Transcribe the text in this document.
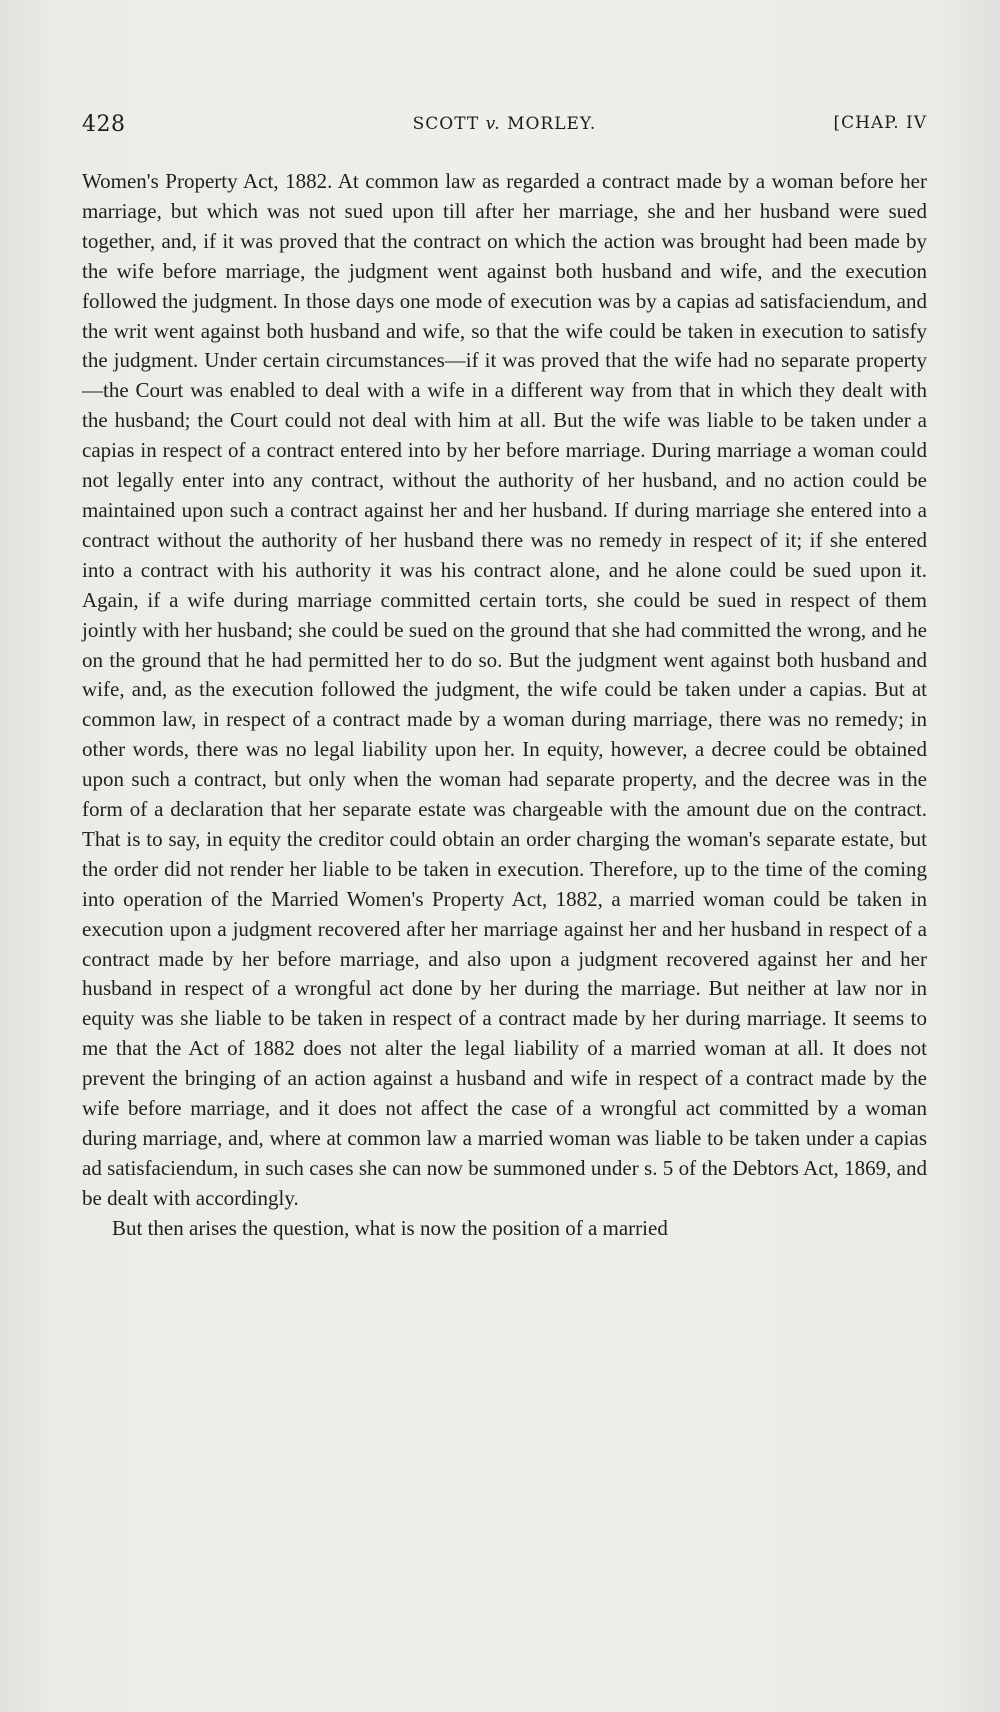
428	SCOTT v. MORLEY.	[CHAP. IV

Women's Property Act, 1882. At common law as regarded a contract made by a woman before her marriage, but which was not sued upon till after her marriage, she and her husband were sued together, and, if it was proved that the contract on which the action was brought had been made by the wife before marriage, the judgment went against both husband and wife, and the execution followed the judgment. In those days one mode of execution was by a capias ad satisfaciendum, and the writ went against both husband and wife, so that the wife could be taken in execution to satisfy the judgment. Under certain circumstances—if it was proved that the wife had no separate property—the Court was enabled to deal with a wife in a different way from that in which they dealt with the husband; the Court could not deal with him at all. But the wife was liable to be taken under a capias in respect of a contract entered into by her before marriage. During marriage a woman could not legally enter into any contract, without the authority of her husband, and no action could be maintained upon such a contract against her and her husband. If during marriage she entered into a contract without the authority of her husband there was no remedy in respect of it; if she entered into a contract with his authority it was his contract alone, and he alone could be sued upon it. Again, if a wife during marriage committed certain torts, she could be sued in respect of them jointly with her husband; she could be sued on the ground that she had committed the wrong, and he on the ground that he had permitted her to do so. But the judgment went against both husband and wife, and, as the execution followed the judgment, the wife could be taken under a capias. But at common law, in respect of a contract made by a woman during marriage, there was no remedy; in other words, there was no legal liability upon her. In equity, however, a decree could be obtained upon such a contract, but only when the woman had separate property, and the decree was in the form of a declaration that her separate estate was chargeable with the amount due on the contract. That is to say, in equity the creditor could obtain an order charging the woman's separate estate, but the order did not render her liable to be taken in execution. Therefore, up to the time of the coming into operation of the Married Women's Property Act, 1882, a married woman could be taken in execution upon a judgment recovered after her marriage against her and her husband in respect of a contract made by her before marriage, and also upon a judgment recovered against her and her husband in respect of a wrongful act done by her during the marriage. But neither at law nor in equity was she liable to be taken in respect of a contract made by her during marriage. It seems to me that the Act of 1882 does not alter the legal liability of a married woman at all. It does not prevent the bringing of an action against a husband and wife in respect of a contract made by the wife before marriage, and it does not affect the case of a wrongful act committed by a woman during marriage, and, where at common law a married woman was liable to be taken under a capias ad satisfaciendum, in such cases she can now be summoned under s. 5 of the Debtors Act, 1869, and be dealt with accordingly.

But then arises the question, what is now the position of a married
